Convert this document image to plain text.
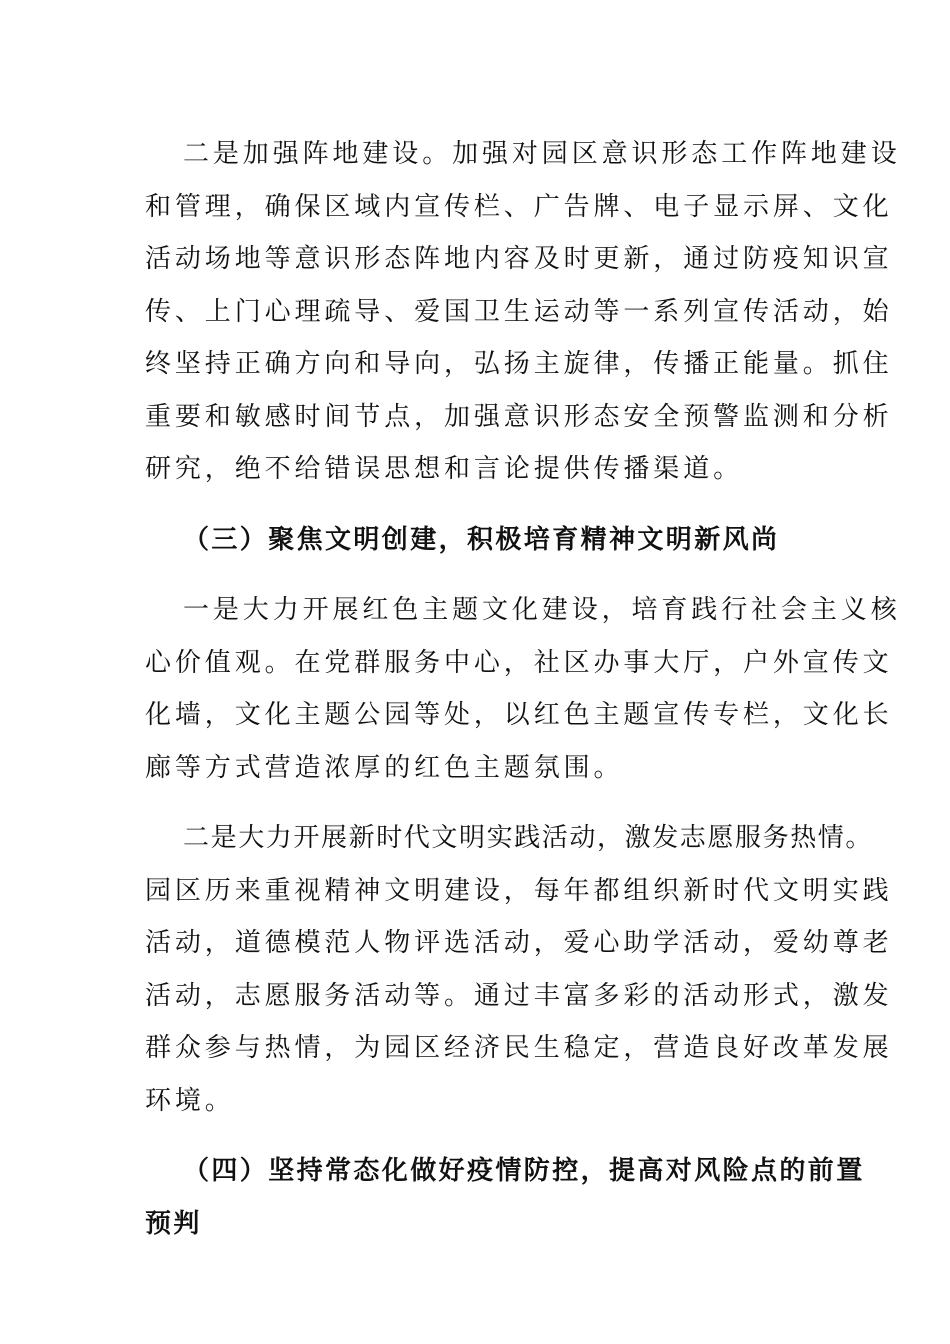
二是加强阵地建设。加强对园区意识形态工作阵地建设
和管理，确保区域内宣传栏、广告牌、电子显示屏、文化
活动场地等意识形态阵地内容及时更新，通过防疫知识宣
传、上门心理疏导、爱国卫生运动等一系列宣传活动，始
终坚持正确方向和导向，弘扬主旋律，传播正能量。抓住
重要和敏感时间节点，加强意识形态安全预警监测和分析
研究，绝不给错误思想和言论提供传播渠道。
（三）聚焦文明创建，积极培育精神文明新风尚
一是大力开展红色主题文化建设，培育践行社会主义核
心价值观。在党群服务中心，社区办事大厅，户外宣传文
化墙，文化主题公园等处，以红色主题宣传专栏，文化长
廊等方式营造浓厚的红色主题氛围。
二是大力开展新时代文明实践活动，激发志愿服务热情。
园区历来重视精神文明建设，每年都组织新时代文明实践
活动，道德模范人物评选活动，爱心助学活动，爱幼尊老
活动，志愿服务活动等。通过丰富多彩的活动形式，激发
群众参与热情，为园区经济民生稳定，营造良好改革发展
环境。
（四）坚持常态化做好疫情防控，提高对风险点的前置
预判
